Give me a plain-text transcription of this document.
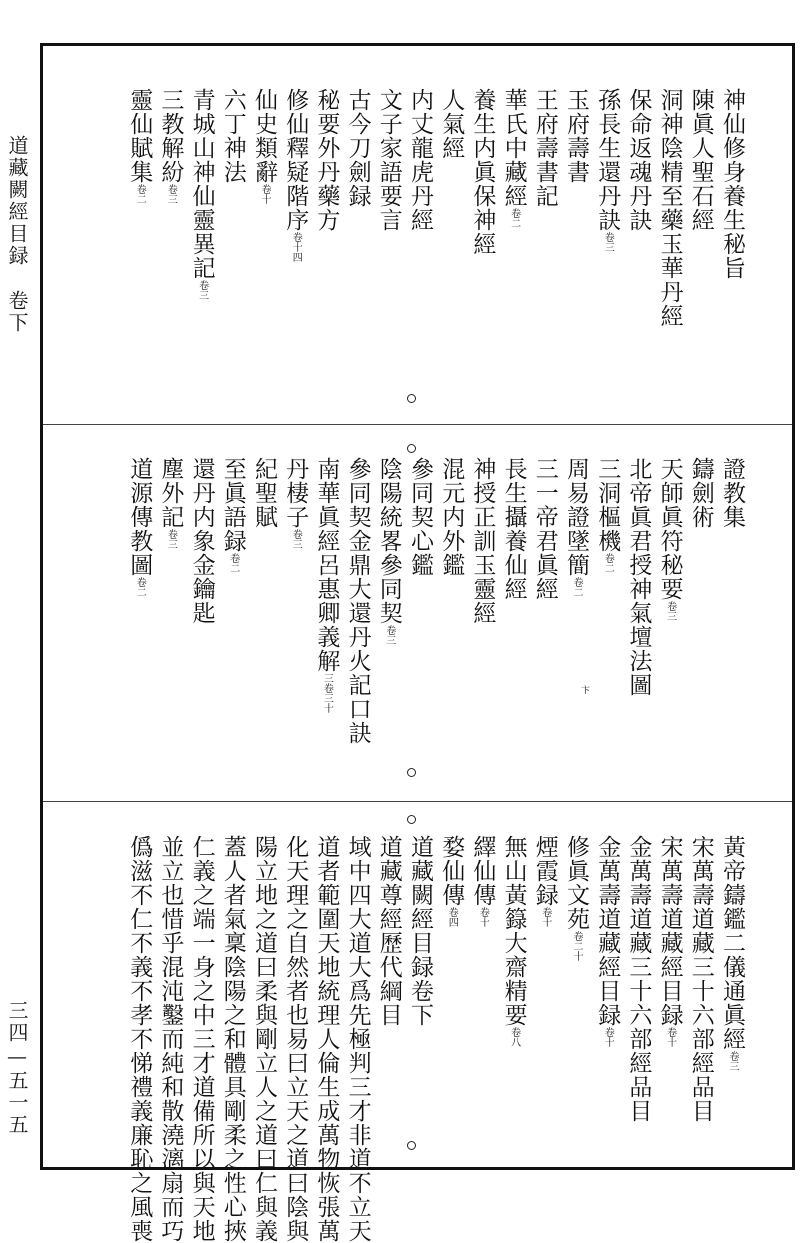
道藏闕經目録
卷下
三四—五一五
卞
神仙修身養生秘旨
陳眞人聖石經
洞神陰精至藥玉華丹經
保命返魂丹訣
孫長生還丹訣卷三
玉府壽書
王府壽書記
華氏中藏經卷二
養生内眞保神經
人氣經
内丈龍虎丹經
文子家語要言
古今刀劍録
秘要外丹藥方
修仙釋疑階序卷十四
仙史類辭卷十
六丁神法
青城山神仙靈異記卷三
三教解紛卷三
靈仙賦集卷二
證教集
鑄劍術
天師眞符秘要卷三
北帝眞君授神氣壇法圖
三洞樞機卷二
周易證墜簡卷二
三一帝君眞經
長生攝養仙經
神授正訓玉靈經
混元内外鑑
參同契心鑑
陰陽統畧參同契卷三
參同契金鼎大還丹火記口訣
南華眞經呂惠卿義解三卷三十
丹棲子卷三
紀聖賦
至眞語録卷二
還丹内象金鑰匙
塵外記卷三
道源傳教圖卷二
黃帝鑄鑑二儀通眞經卷三
宋萬壽道藏三十六部經品目
宋萬壽道藏經目録卷十
金萬壽道藏三十六部經品目
金萬壽道藏經目録卷十
修眞文苑卷二十
煙霞録卷十
無山黃籙大齋精要卷八
繹仙傳卷十
婺仙傳卷四
道藏闕經目録卷下
道藏尊經歷代綱目
域中四大道大爲先極判三才非道不立天
道者範圍天地統理人倫生成萬物恢張萬
化天理之自然者也易曰立天之道曰陰與
陽立地之道曰柔與剛立人之道曰仁與義
蓋人者氣稟陰陽之和體具剛柔之性心挾
仁義之端一身之中三才道備所以與天地
並立也惜乎混沌鑿而純和散澆漓扇而巧
僞滋不仁不義不孝不悌禮義廉恥之風喪
